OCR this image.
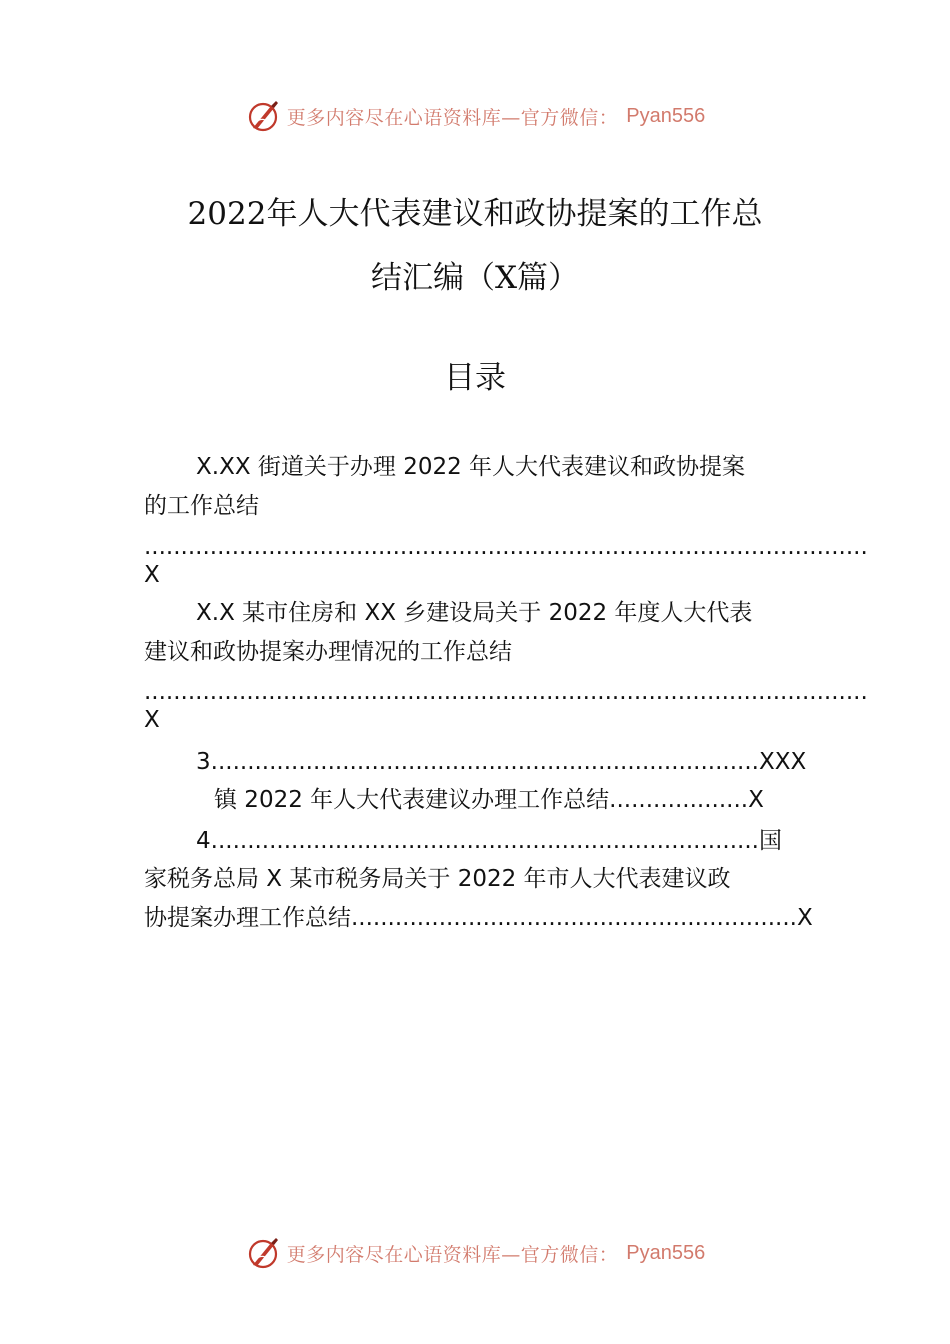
更多内容尽在心语资料库—官方微信： Pyan556
2022年人大代表建议和政协提案的工作总
结汇编（X篇）
目录
X.XX 街道关于办理 2022 年人大代表建议和政协提案
的工作总结
...................................................................................................
X
X.X 某市住房和 XX 乡建设局关于 2022 年度人大代表
建议和政协提案办理情况的工作总结
...................................................................................................
X
3...........................................................................XXX
镇 2022 年人大代表建议办理工作总结...................X
4...........................................................................国
家税务总局 X 某市税务局关于 2022 年市人大代表建议政
协提案办理工作总结.............................................................X
更多内容尽在心语资料库—官方微信： Pyan556
